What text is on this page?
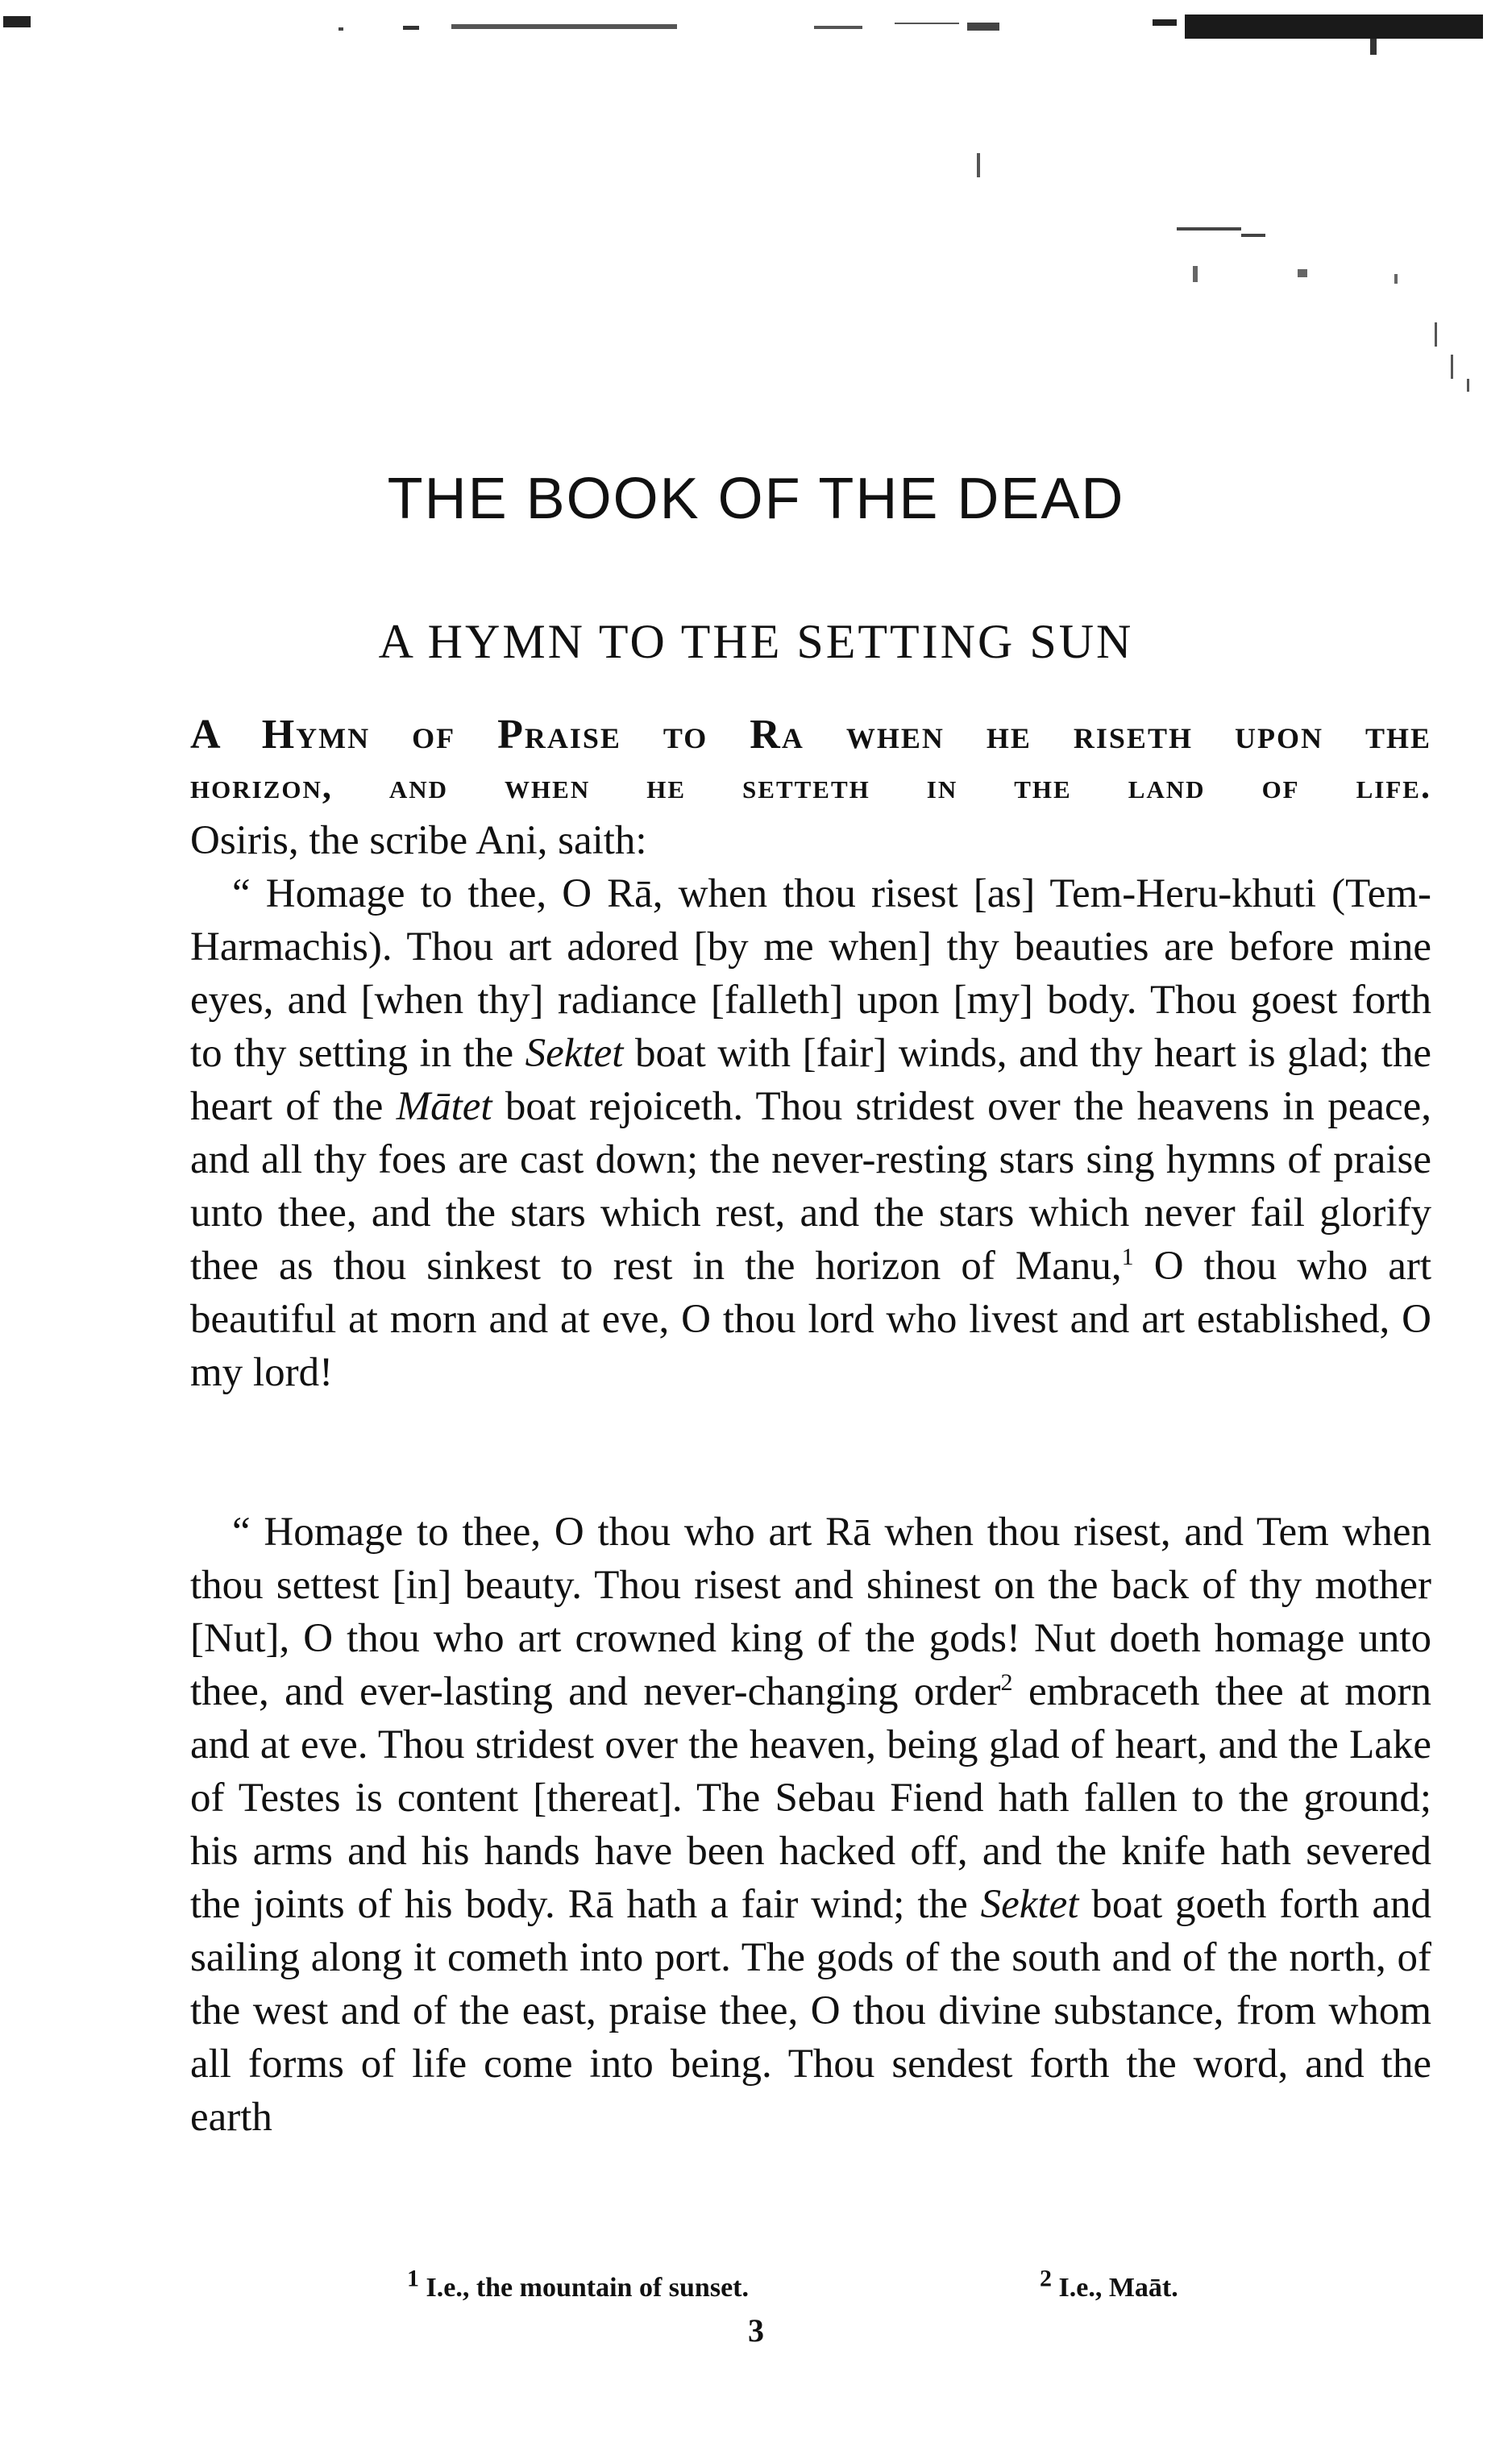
THE BOOK OF THE DEAD
A HYMN TO THE SETTING SUN
A Hymn of Praise to Ra when he riseth upon the
horizon, and when he setteth in the land of life.
Osiris, the scribe Ani, saith:

“ Homage to thee, O Rā, when thou risest [as] Tem-Heru-khuti (Tem-Harmachis). Thou art adored [by me when] thy beauties are before mine eyes, and [when thy] radiance [falleth] upon [my] body. Thou goest forth to thy setting in the Sektet boat with [fair] winds, and thy heart is glad; the heart of the Mātet boat rejoiceth. Thou stridest over the heavens in peace, and all thy foes are cast down; the never-resting stars sing hymns of praise unto thee, and the stars which rest, and the stars which never fail glorify thee as thou sinkest to rest in the horizon of Manu,$^1$ O thou who art beautiful at morn and at eve, O thou lord who livest and art established, O my lord!

“ Homage to thee, O thou who art Rā when thou risest, and Tem when thou settest [in] beauty. Thou risest and shinest on the back of thy mother [Nut], O thou who art crowned king of the gods! Nut doeth homage unto thee, and ever-lasting and never-changing order$^2$ embraceth thee at morn and at eve. Thou stridest over the heaven, being glad of heart, and the Lake of Testes is content [thereat]. The Sebau Fiend hath fallen to the ground; his arms and his hands have been hacked off, and the knife hath severed the joints of his body. Rā hath a fair wind; the Sektet boat goeth forth and sailing along it cometh into port. The gods of the south and of the north, of the west and of the east, praise thee, O thou divine substance, from whom all forms of life come into being. Thou sendest forth the word, and the earth

$^1$ I.e., the mountain of sunset.	$^2$ I.e., Maāt.
3
